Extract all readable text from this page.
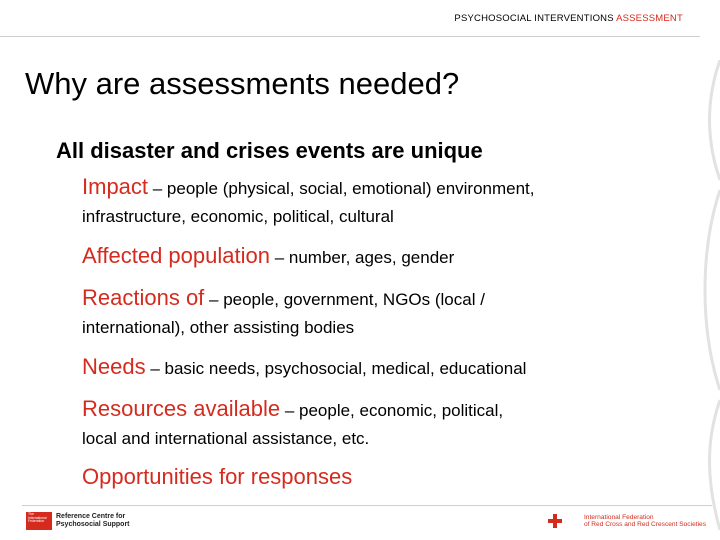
PSYCHOSOCIAL INTERVENTIONS ASSESSMENT
Why are assessments needed?
All disaster and crises events are unique
Impact – people (physical, social, emotional) environment,
infrastructure, economic, political, cultural
Affected population – number, ages, gender
Reactions of – people, government, NGOs (local /
international), other assisting bodies
Needs – basic needs, psychosocial, medical, educational
Resources available – people, economic, political,
local and international assistance, etc.
Opportunities for responses
The International Federation
Reference Centre for
Psychosocial Support
International Federation
of Red Cross and Red Crescent Societies
